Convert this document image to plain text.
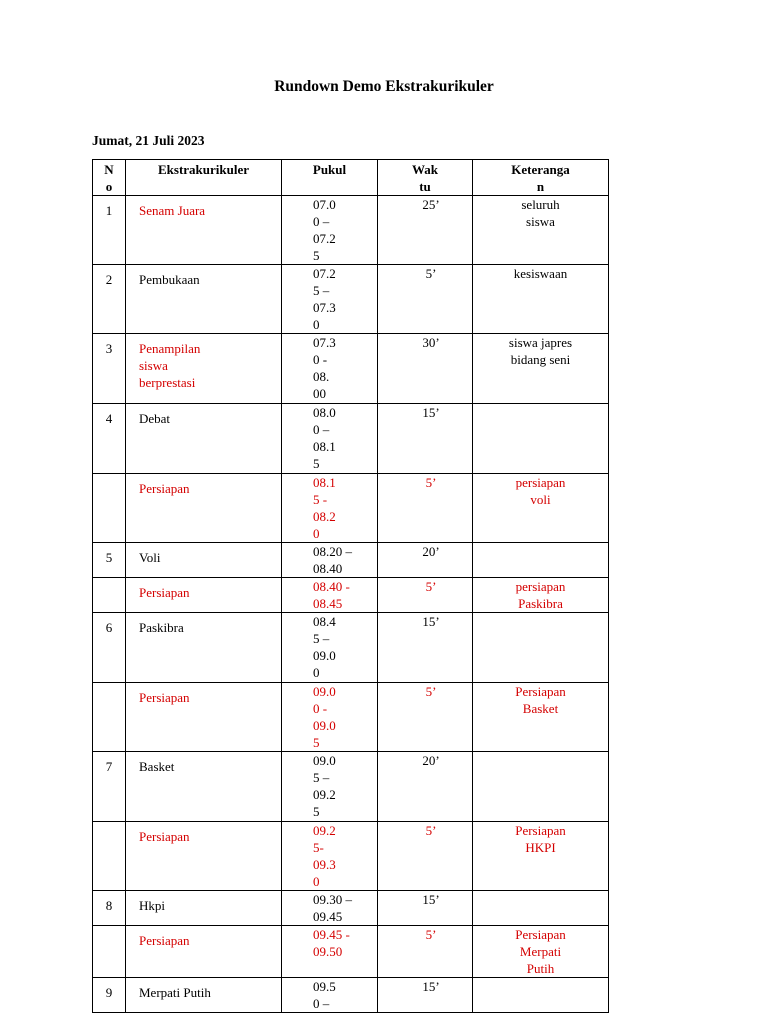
Rundown Demo Ekstrakurikuler
Jumat, 21 Juli 2023
N
o	Ekstrakurikuler	Pukul	Wak
tu	Keteranga
n

1	Senam Juara	07.0
0 –
07.2
5	25’	seluruh
siswa

2	Pembukaan	07.2
5 –
07.3
0	5’	kesiswaan

3	Penampilan
siswa
berprestasi	07.3
0 -
08.
00	30’	siswa japres
bidang seni

4	Debat	08.0
0 –
08.1
5	15’	

	Persiapan	08.1
5 -
08.2
0	5’	persiapan
voli

5	Voli	08.20 –
08.40	20’	

	Persiapan	08.40 -
08.45	5’	persiapan
Paskibra

6	Paskibra	08.4
5 –
09.0
0	15’	

	Persiapan	09.0
0 -
09.0
5	5’	Persiapan
Basket

7	Basket	09.0
5 –
09.2
5	20’	

	Persiapan	09.2
5-
09.3
0	5’	Persiapan
HKPI

8	Hkpi	09.30 –
09.45	15’	

	Persiapan	09.45 -
09.50	5’	Persiapan
Merpati
Putih

9	Merpati Putih	09.5
0 –	15’	
